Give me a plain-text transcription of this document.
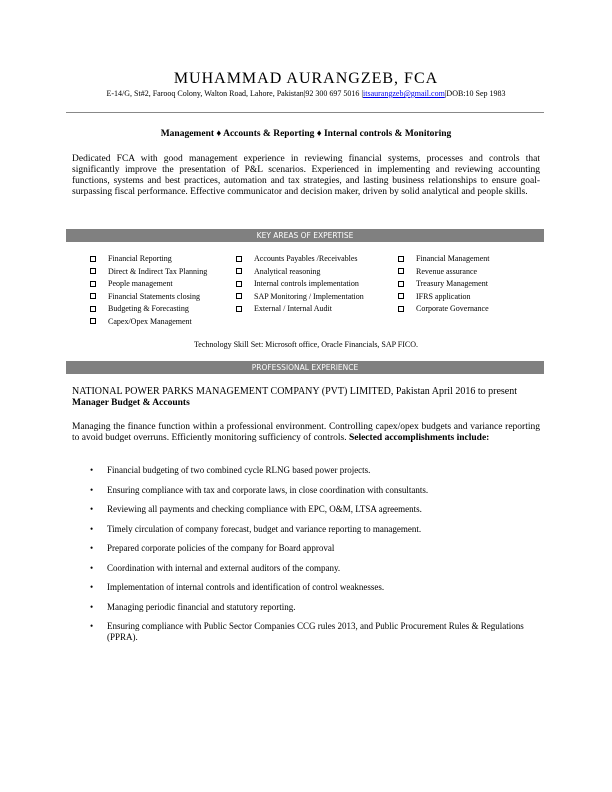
MUHAMMAD AURANGZEB, FCA
E-14/G, St#2, Farooq Colony, Walton Road, Lahore, Pakistan|92 300 697 5016 |itsaurangzeb@gmail.com|DOB:10 Sep 1983
Management ♦ Accounts & Reporting ♦ Internal controls & Monitoring
Dedicated FCA with good management experience in reviewing financial systems, processes and controls that significantly improve the presentation of P&L scenarios. Experienced in implementing and reviewing accounting functions, systems and best practices, automation and tax strategies, and lasting business relationships to ensure goal-surpassing fiscal performance. Effective communicator and decision maker, driven by solid analytical and people skills.
KEY AREAS OF EXPERTISE
Financial Reporting	Accounts Payables /Receivables	Financial Management
Direct & Indirect Tax Planning	Analytical reasoning	Revenue assurance
People management	Internal controls implementation	Treasury Management
Financial Statements closing	SAP Monitoring / Implementation	IFRS application
Budgeting & Forecasting	External / Internal Audit	Corporate Governance
Capex/Opex Management
Technology Skill Set: Microsoft office, Oracle Financials, SAP FICO.
PROFESSIONAL EXPERIENCE
NATIONAL POWER PARKS MANAGEMENT COMPANY (PVT) LIMITED, Pakistan April 2016 to present
Manager Budget & Accounts
Managing the finance function within a professional environment. Controlling capex/opex budgets and variance reporting to avoid budget overruns. Efficiently monitoring sufficiency of controls. Selected accomplishments include:
• Financial budgeting of two combined cycle RLNG based power projects.
• Ensuring compliance with tax and corporate laws, in close coordination with consultants.
• Reviewing all payments and checking compliance with EPC, O&M, LTSA agreements.
• Timely circulation of company forecast, budget and variance reporting to management.
• Prepared corporate policies of the company for Board approval
• Coordination with internal and external auditors of the company.
• Implementation of internal controls and identification of control weaknesses.
• Managing periodic financial and statutory reporting.
• Ensuring compliance with Public Sector Companies CCG rules 2013, and Public Procurement Rules & Regulations (PPRA).
